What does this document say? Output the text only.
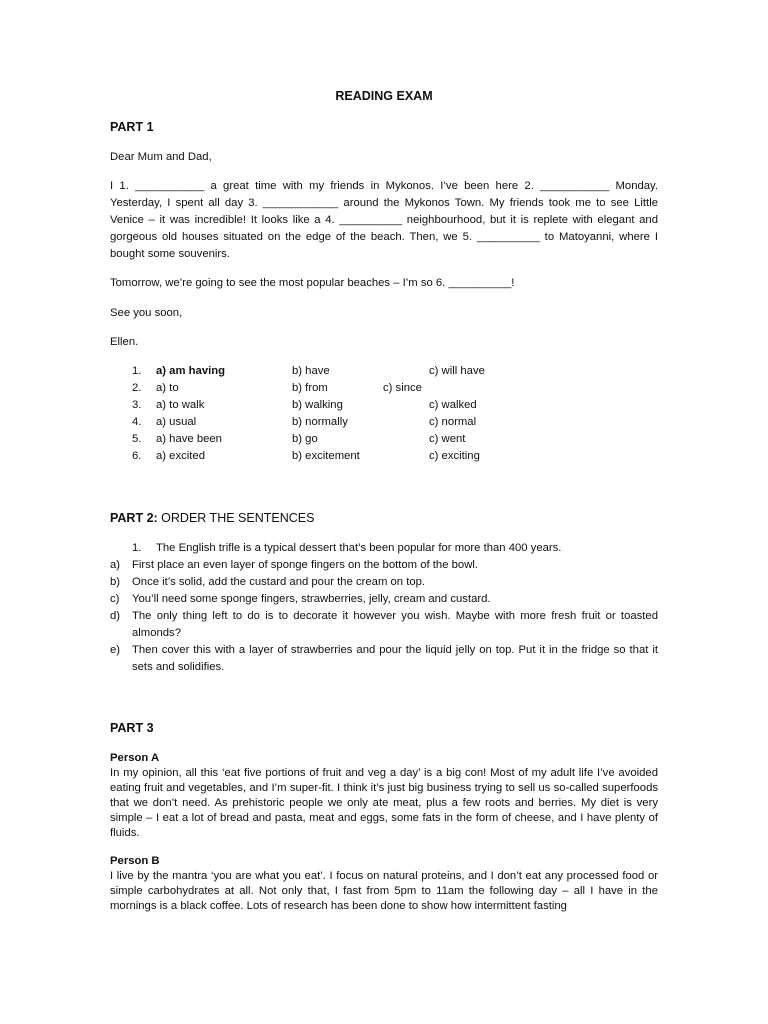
READING EXAM
PART 1
Dear Mum and Dad,
I 1. ___________ a great time with my friends in Mykonos. I’ve been here 2. ___________ Monday. Yesterday, I spent all day 3. ____________ around the Mykonos Town. My friends took me to see Little Venice – it was incredible! It looks like a 4. __________ neighbourhood, but it is replete with elegant and gorgeous old houses situated on the edge of the beach. Then, we 5. __________ to Matoyanni, where I bought some souvenirs.
Tomorrow, we’re going to see the most popular beaches – I’m so 6. __________!
See you soon,
Ellen.
1. a) am having	b) have	c) will have
2. a) to	b) from	c) since
3. a) to walk	b) walking	c) walked
4. a) usual	b) normally	c) normal
5. a) have been	b) go	c) went
6. a) excited	b) excitement	c) exciting
PART 2: ORDER THE SENTENCES
1. The English trifle is a typical dessert that’s been popular for more than 400 years.
a) First place an even layer of sponge fingers on the bottom of the bowl.
b) Once it’s solid, add the custard and pour the cream on top.
c) You’ll need some sponge fingers, strawberries, jelly, cream and custard.
d) The only thing left to do is to decorate it however you wish. Maybe with more fresh fruit or toasted almonds?
e) Then cover this with a layer of strawberries and pour the liquid jelly on top. Put it in the fridge so that it sets and solidifies.
PART 3
Person A
In my opinion, all this ‘eat five portions of fruit and veg a day’ is a big con! Most of my adult life I’ve avoided eating fruit and vegetables, and I’m super-fit. I think it’s just big business trying to sell us so-called superfoods that we don’t need. As prehistoric people we only ate meat, plus a few roots and berries. My diet is very simple – I eat a lot of bread and pasta, meat and eggs, some fats in the form of cheese, and I have plenty of fluids.
Person B
I live by the mantra ‘you are what you eat’. I focus on natural proteins, and I don’t eat any processed food or simple carbohydrates at all. Not only that, I fast from 5pm to 11am the following day – all I have in the mornings is a black coffee. Lots of research has been done to show how intermittent fasting
